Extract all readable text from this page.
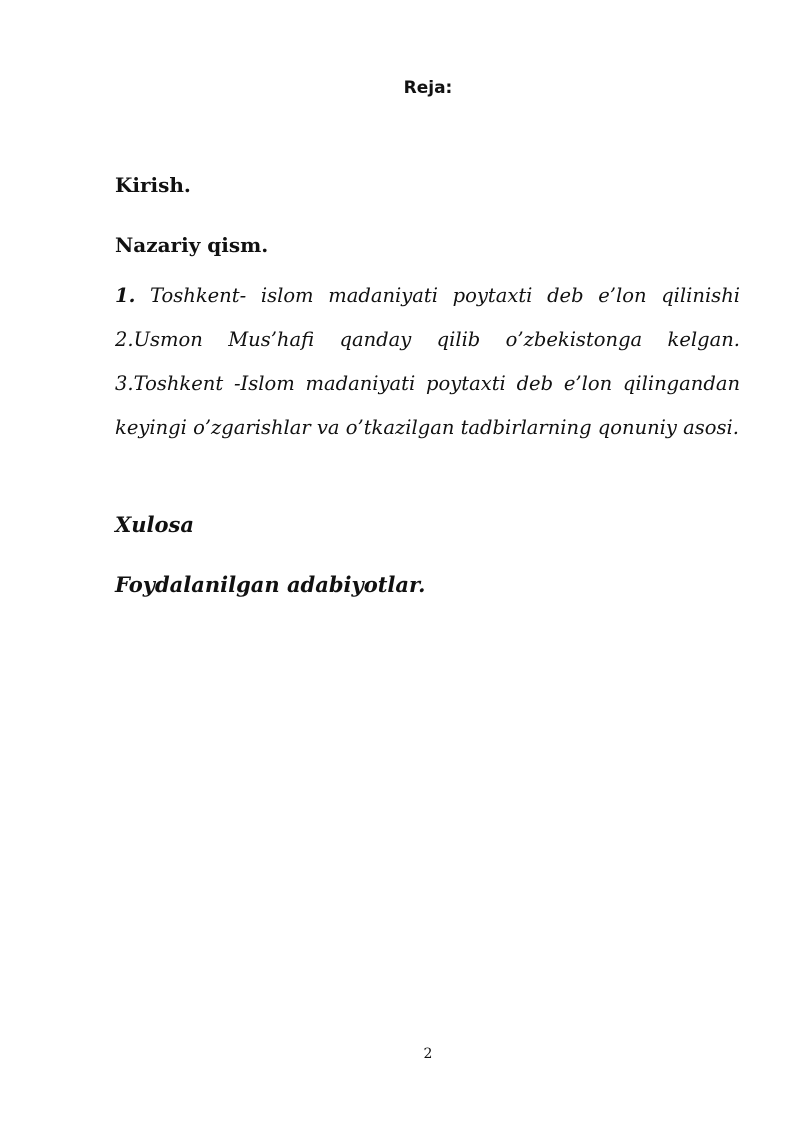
Reja:
Kirish.
Nazariy qism.
1. Toshkent- islom madaniyati poytaxti deb e’lon qilinishi
2.Usmon Mus’hafi qanday qilib o’zbekistonga kelgan.
3.Toshkent -Islom madaniyati poytaxti deb e’lon qilingandan keyingi o’zgarishlar va o’tkazilgan tadbirlarning qonuniy asosi.
Xulosa
Foydalanilgan adabiyotlar.
2
